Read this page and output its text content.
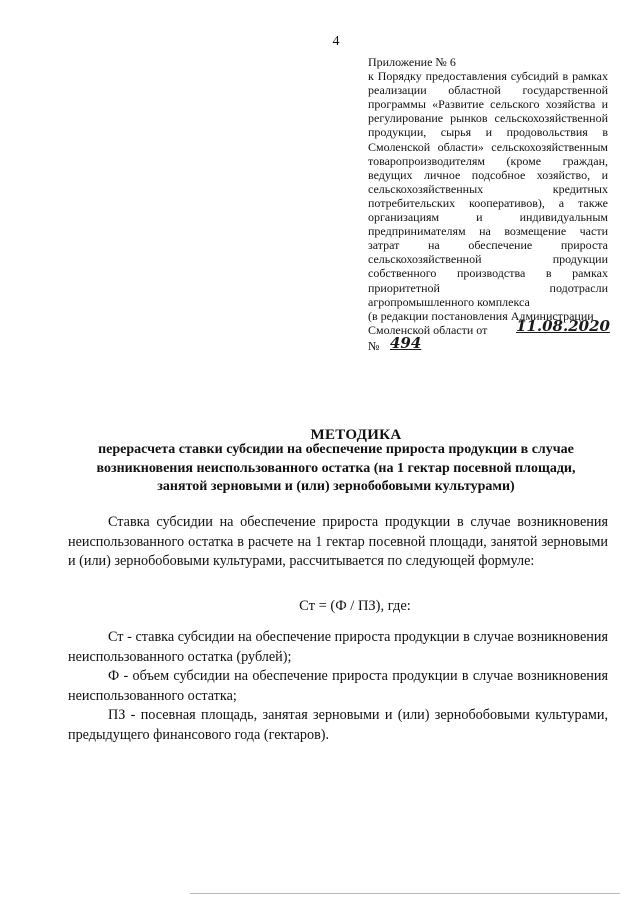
4

Приложение № 6

к Порядку предоставления субсидий в рамках реализации областной государственной программы «Развитие сельского хозяйства и регулирование рынков сельскохозяйственной продукции, сырья и продовольствия в Смоленской области» сельскохозяйственным товаропроизводителям (кроме граждан, ведущих личное подсобное хозяйство, и сельскохозяйственных кредитных потребительских кооперативов), а также организациям и индивидуальным предпринимателям на возмещение части затрат на обеспечение прироста сельскохозяйственной продукции собственного производства в рамках приоритетной подотрасли агропромышленного комплекса

(в редакции постановления Администрации
Смоленской области от 11.08.2020
№ 494
МЕТОДИКА
перерасчета ставки субсидии на обеспечение прироста продукции в случае возникновения неиспользованного остатка (на 1 гектар посевной площади, занятой зерновыми и (или) зернобобовыми культурами)

Ставка субсидии на обеспечение прироста продукции в случае возникновения неиспользованного остатка в расчете на 1 гектар посевной площади, занятой зерновыми и (или) зернобобовыми культурами, рассчитывается по следующей формуле:

Ст = (Ф / ПЗ), где:

Ст - ставка субсидии на обеспечение прироста продукции в случае возникновения неиспользованного остатка (рублей);

Ф - объем субсидии на обеспечение прироста продукции в случае возникновения неиспользованного остатка;

ПЗ - посевная площадь, занятая зерновыми и (или) зернобобовыми культурами, предыдущего финансового года (гектаров).
